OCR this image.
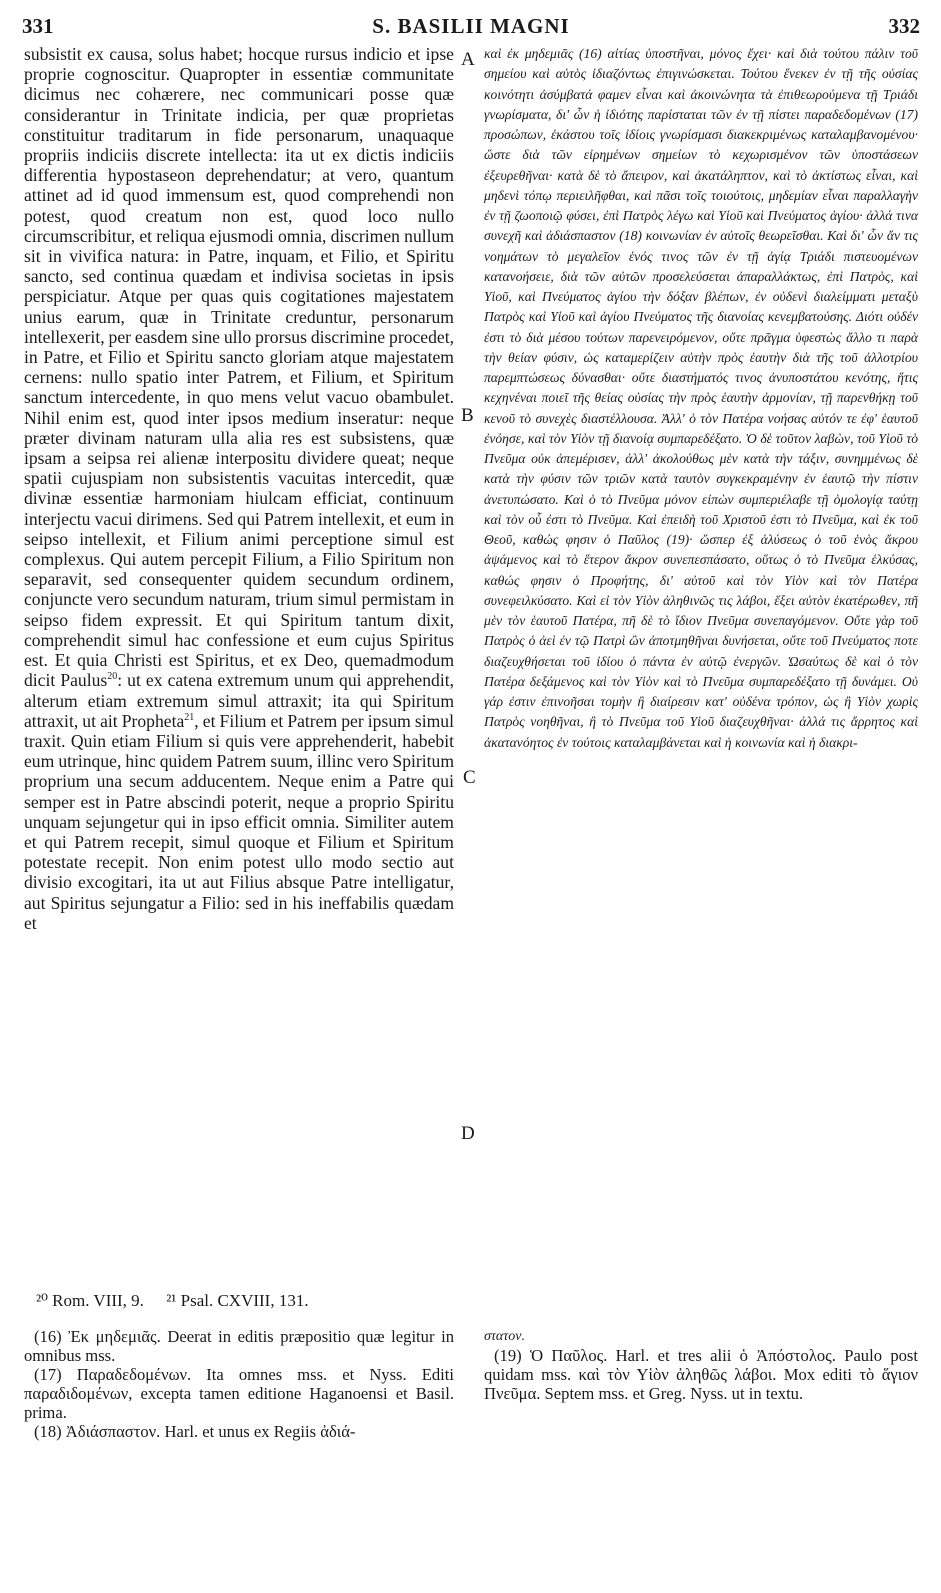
331	S. BASILII MAGNI	332
A
B
C
D

subsistit ex causa, solus habet; hocque rursus indicio et ipse proprie cognoscitur. Quapropter in essentiæ communitate dicimus nec cohærere, nec communicari posse quæ considerantur in Trinitate indicia, per quæ proprietas constituitur traditarum in fide personarum, unaquaque propriis indiciis discrete intellecta: ita ut ex dictis indiciis differentia hypostaseon deprehendatur; at vero, quantum attinet ad id quod immensum est, quod comprehendi non potest, quod creatum non est, quod loco nullo circumscribitur, et reliqua ejusmodi omnia, discrimen nullum sit in vivifica natura: in Patre, inquam, et Filio, et Spiritu sancto, sed continua quædam et indivisa societas in ipsis perspiciatur. Atque per quas quis cogitationes majestatem unius earum, quæ in Trinitate creduntur, personarum intellexerit, per easdem sine ullo prorsus discrimine procedet, in Patre, et Filio et Spiritu sancto gloriam atque majestatem cernens: nullo spatio inter Patrem, et Filium, et Spiritum sanctum intercedente, in quo mens velut vacuo obambulet. Nihil enim est, quod inter ipsos medium inseratur: neque præter divinam naturam ulla alia res est subsistens, quæ ipsam a seipsa rei alienæ interpositu dividere queat; neque spatii cujuspiam non subsistentis vacuitas intercedit, quæ divinæ essentiæ harmoniam hiulcam efficiat, continuum interjectu vacui dirimens. Sed qui Patrem intellexit, et eum in seipso intellexit, et Filium animi perceptione simul est complexus. Qui autem percepit Filium, a Filio Spiritum non separavit, sed consequenter quidem secundum ordinem, conjuncte vero secundum naturam, trium simul permistam in seipso fidem expressit. Et qui Spiritum tantum dixit, comprehendit simul hac confessione et eum cujus Spiritus est. Et quia Christi est Spiritus, et ex Deo, quemadmodum dicit Paulus$^{20}$: ut ex catena extremum unum qui apprehendit, alterum etiam extremum simul attraxit; ita qui Spiritum attraxit, ut ait Propheta$^{21}$, et Filium et Patrem per ipsum simul traxit. Quin etiam Filium si quis vere apprehenderit, habebit eum utrinque, hinc quidem Patrem suum, illinc vero Spiritum proprium una secum adducentem. Neque enim a Patre qui semper est in Patre abscindi poterit, neque a proprio Spiritu unquam sejungetur qui in ipso efficit omnia. Similiter autem et qui Patrem recepit, simul quoque et Filium et Spiritum potestate recepit. Non enim potest ullo modo sectio aut divisio excogitari, ita ut aut Filius absque Patre intelligatur, aut Spiritus sejungatur a Filio: sed in his ineffabilis quædam et

καὶ ἐκ μηδεμιᾶς (16) αἰτίας ὑποστῆναι, μόνος ἔχει· καὶ διὰ τούτου πάλιν τοῦ σημείου καὶ αὐτὸς ἰδιαζόντως ἐπιγινώσκεται. Τούτου ἕνεκεν ἐν τῇ τῆς οὐσίας κοινότητι ἀσύμβατά φαμεν εἶναι καὶ ἀκοινώνητα τὰ ἐπιθεωρούμενα τῇ Τριάδι γνωρίσματα, δι' ὧν ἡ ἰδιότης παρίσταται τῶν ἐν τῇ πίστει παραδεδομένων (17) προσώπων, ἑκάστου τοῖς ἰδίοις γνωρίσμασι διακεκριμένως καταλαμβανομένου· ὥστε διὰ τῶν εἰρημένων σημείων τὸ κεχωρισμένον τῶν ὑποστάσεων ἐξευρεθῆναι· κατὰ δὲ τὸ ἄπειρον, καὶ ἀκατάληπτον, καὶ τὸ ἀκτίστως εἶναι, καὶ μηδενὶ τόπῳ περιειλῆφθαι, καὶ πᾶσι τοῖς τοιούτοις, μηδεμίαν εἶναι παραλλαγὴν ἐν τῇ ζωοποιῷ φύσει, ἐπὶ Πατρὸς λέγω καὶ Υἱοῦ καὶ Πνεύματος ἁγίου· ἀλλά τινα συνεχῆ καὶ ἀδιάσπαστον (18) κοινωνίαν ἐν αὐτοῖς θεωρεῖσθαι. Καὶ δι' ὧν ἄν τις νοημάτων τὸ μεγαλεῖον ἑνός τινος τῶν ἐν τῇ ἁγίᾳ Τριάδι πιστευομένων κατανοήσειε, διὰ τῶν αὐτῶν προσελεύσεται ἀπαραλλάκτως, ἐπὶ Πατρὸς, καὶ Υἱοῦ, καὶ Πνεύματος ἁγίου τὴν δόξαν βλέπων, ἐν οὐδενὶ διαλείμματι μεταξὺ Πατρὸς καὶ Υἱοῦ καὶ ἁγίου Πνεύματος τῆς διανοίας κενεμβατούσης. Διότι οὐδέν ἐστι τὸ διὰ μέσου τούτων παρενειρόμενον, οὔτε πρᾶγμα ὑφεστὼς ἄλλο τι παρὰ τὴν θείαν φύσιν, ὡς καταμερίζειν αὐτὴν πρὸς ἑαυτὴν διὰ τῆς τοῦ ἀλλοτρίου παρεμπτώσεως δύνασθαι· οὔτε διαστήματός τινος ἀνυποστάτου κενότης, ἥτις κεχηνέναι ποιεῖ τῆς θείας οὐσίας τὴν πρὸς ἑαυτὴν ἁρμονίαν, τῇ παρενθήκῃ τοῦ κενοῦ τὸ συνεχὲς διαστέλλουσα. Ἀλλ' ὁ τὸν Πατέρα νοήσας αὐτόν τε ἐφ' ἑαυτοῦ ἐνόησε, καὶ τὸν Υἱὸν τῇ διανοίᾳ συμπαρεδέξατο. Ὁ δὲ τοῦτον λαβὼν, τοῦ Υἱοῦ τὸ Πνεῦμα οὐκ ἀπεμέρισεν, ἀλλ' ἀκολούθως μὲν κατὰ τὴν τάξιν, συνημμένως δὲ κατὰ τὴν φύσιν τῶν τριῶν κατὰ ταυτὸν συγκεκραμένην ἐν ἑαυτῷ τὴν πίστιν ἀνετυπώσατο. Καὶ ὁ τὸ Πνεῦμα μόνον εἰπὼν συμπεριέλαβε τῇ ὁμολογίᾳ ταύτῃ καὶ τὸν οὗ ἐστι τὸ Πνεῦμα. Καὶ ἐπειδὴ τοῦ Χριστοῦ ἐστι τὸ Πνεῦμα, καὶ ἐκ τοῦ Θεοῦ, καθώς φησιν ὁ Παῦλος (19)· ὥσπερ ἐξ ἁλύσεως ὁ τοῦ ἑνὸς ἄκρου ἀψάμενος καὶ τὸ ἕτερον ἄκρον συνεπεσπάσατο, οὕτως ὁ τὸ Πνεῦμα ἑλκύσας, καθώς φησιν ὁ Προφήτης, δι' αὐτοῦ καὶ τὸν Υἱὸν καὶ τὸν Πατέρα συνεφειλκύσατο. Καὶ εἰ τὸν Υἱὸν ἀληθινῶς τις λάβοι, ἕξει αὐτὸν ἑκατέρωθεν, πῆ μὲν τὸν ἑαυτοῦ Πατέρα, πῆ δὲ τὸ ἴδιον Πνεῦμα συνεπαγόμενον. Οὔτε γὰρ τοῦ Πατρὸς ὁ ἀεὶ ἐν τῷ Πατρὶ ὢν ἀποτμηθῆναι δυνήσεται, οὔτε τοῦ Πνεύματος ποτε διαζευχθήσεται τοῦ ἰδίου ὁ πάντα ἐν αὐτῷ ἐνεργῶν. Ὡσαύτως δὲ καὶ ὁ τὸν Πατέρα δεξάμενος καὶ τὸν Υἱὸν καὶ τὸ Πνεῦμα συμπαρεδέξατο τῇ δυνάμει. Οὐ γάρ ἐστιν ἐπινοῆσαι τομὴν ἢ διαίρεσιν κατ' οὐδένα τρόπον, ὡς ἢ Υἱὸν χωρὶς Πατρὸς νοηθῆναι, ἢ τὸ Πνεῦμα τοῦ Υἱοῦ διαζευχθῆναι· ἀλλά τις ἄρρητος καὶ ἀκατανόητος ἐν τούτοις καταλαμβάνεται καὶ ἡ κοινωνία καὶ ἡ διακρι-

²⁰ Rom. VIII, 9. ²¹ Psal. CXVIII, 131.

(16) Ἐκ μηδεμιᾶς. Deerat in editis præpositio quæ legitur in omnibus mss.

(17) Παραδεδομένων. Ita omnes mss. et Nyss. Editi παραδιδομένων, excepta tamen editione Haganoensi et Basil. prima.

(18) Ἀδιάσπαστον. Harl. et unus ex Regiis ἀδιά-

στατον.

(19) Ὁ Παῦλος. Harl. et tres alii ὁ Ἀπόστολος. Paulo post quidam mss. καὶ τὸν Υἱὸν ἀληθῶς λάβοι. Mox editi τὸ ἅγιον Πνεῦμα. Septem mss. et Greg. Nyss. ut in textu.
